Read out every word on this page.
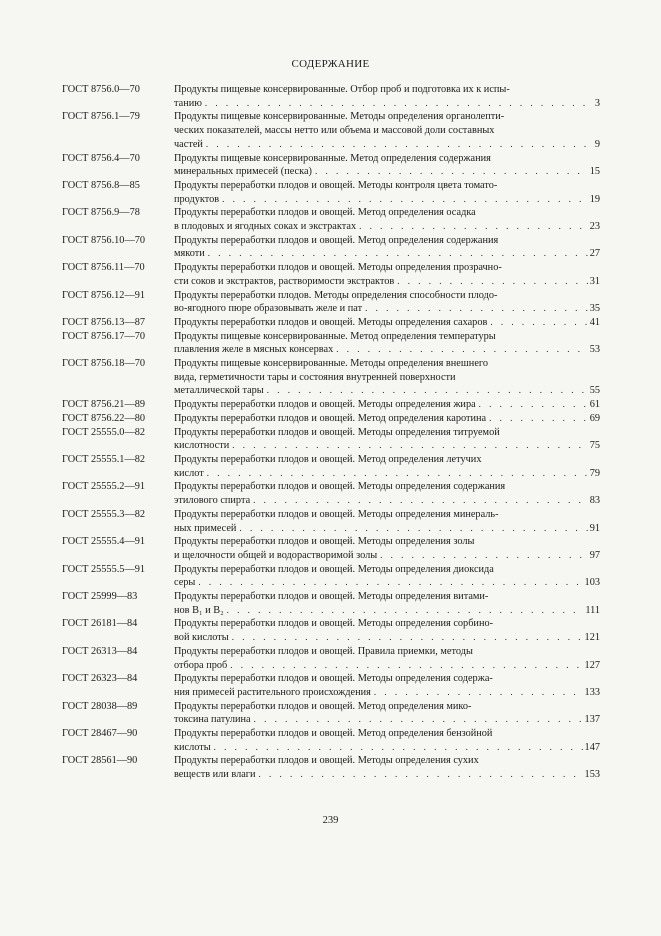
СОДЕРЖАНИЕ
ГОСТ 8756.0—70	Продукты пищевые консервированные. Отбор проб и подготовка их к испы-
танию . . .	3
ГОСТ 8756.1—79	Продукты пищевые консервированные. Методы определения органолепти-
ческих показателей, массы нетто или объема и массовой доли составных
частей . . .	9
ГОСТ 8756.4—70	Продукты пищевые консервированные. Метод определения содержания
минеральных примесей (песка) . . .	15
ГОСТ 8756.8—85	Продукты переработки плодов и овощей. Методы контроля цвета томато-
продуктов . . .	19
ГОСТ 8756.9—78	Продукты переработки плодов и овощей. Метод определения осадка
в плодовых и ягодных соках и экстрактах . . .	23
ГОСТ 8756.10—70	Продукты переработки плодов и овощей. Метод определения содержания
мякоти . . .	27
ГОСТ 8756.11—70	Продукты переработки плодов и овощей. Методы определения прозрачно-
сти соков и экстрактов, растворимости экстрактов . . .	31
ГОСТ 8756.12—91	Продукты переработки плодов. Методы определения способности плодо-
во-ягодного пюре образовывать желе и пат . . .	35
ГОСТ 8756.13—87	Продукты переработки плодов и овощей. Методы определения сахаров . . .	41
ГОСТ 8756.17—70	Продукты пищевые консервированные. Метод определения температуры
плавления желе в мясных консервах . . .	53
ГОСТ 8756.18—70	Продукты пищевые консервированные. Методы определения внешнего
вида, герметичности тары и состояния внутренней поверхности
металлической тары . . .	55
ГОСТ 8756.21—89	Продукты переработки плодов и овощей. Методы определения жира . . .	61
ГОСТ 8756.22—80	Продукты переработки плодов и овощей. Метод определения каротина . . .	69
ГОСТ 25555.0—82	Продукты переработки плодов и овощей. Методы определения титруемой
кислотности . . .	75
ГОСТ 25555.1—82	Продукты переработки плодов и овощей. Метод определения летучих
кислот . . .	79
ГОСТ 25555.2—91	Продукты переработки плодов и овощей. Методы определения содержания
этилового спирта . . .	83
ГОСТ 25555.3—82	Продукты переработки плодов и овощей. Методы определения минераль-
ных примесей . . .	91
ГОСТ 25555.4—91	Продукты переработки плодов и овощей. Методы определения золы
и щелочности общей и водорастворимой золы . . .	97
ГОСТ 25555.5—91	Продукты переработки плодов и овощей. Методы определения диоксида
серы . . .	103
ГОСТ 25999—83	Продукты переработки плодов и овощей. Методы определения витами-
нов В₁ и В₂ . . .	111
ГОСТ 26181—84	Продукты переработки плодов и овощей. Методы определения сорбино-
вой кислоты . . .	121
ГОСТ 26313—84	Продукты переработки плодов и овощей. Правила приемки, методы
отбора проб . . .	127
ГОСТ 26323—84	Продукты переработки плодов и овощей. Методы определения содержа-
ния примесей растительного происхождения . . .	133
ГОСТ 28038—89	Продукты переработки плодов и овощей. Метод определения мико-
токсина патулина . . .	137
ГОСТ 28467—90	Продукты переработки плодов и овощей. Метод определения бензойной
кислоты . . .	147
ГОСТ 28561—90	Продукты переработки плодов и овощей. Методы определения сухих
веществ или влаги . . .	153
239
